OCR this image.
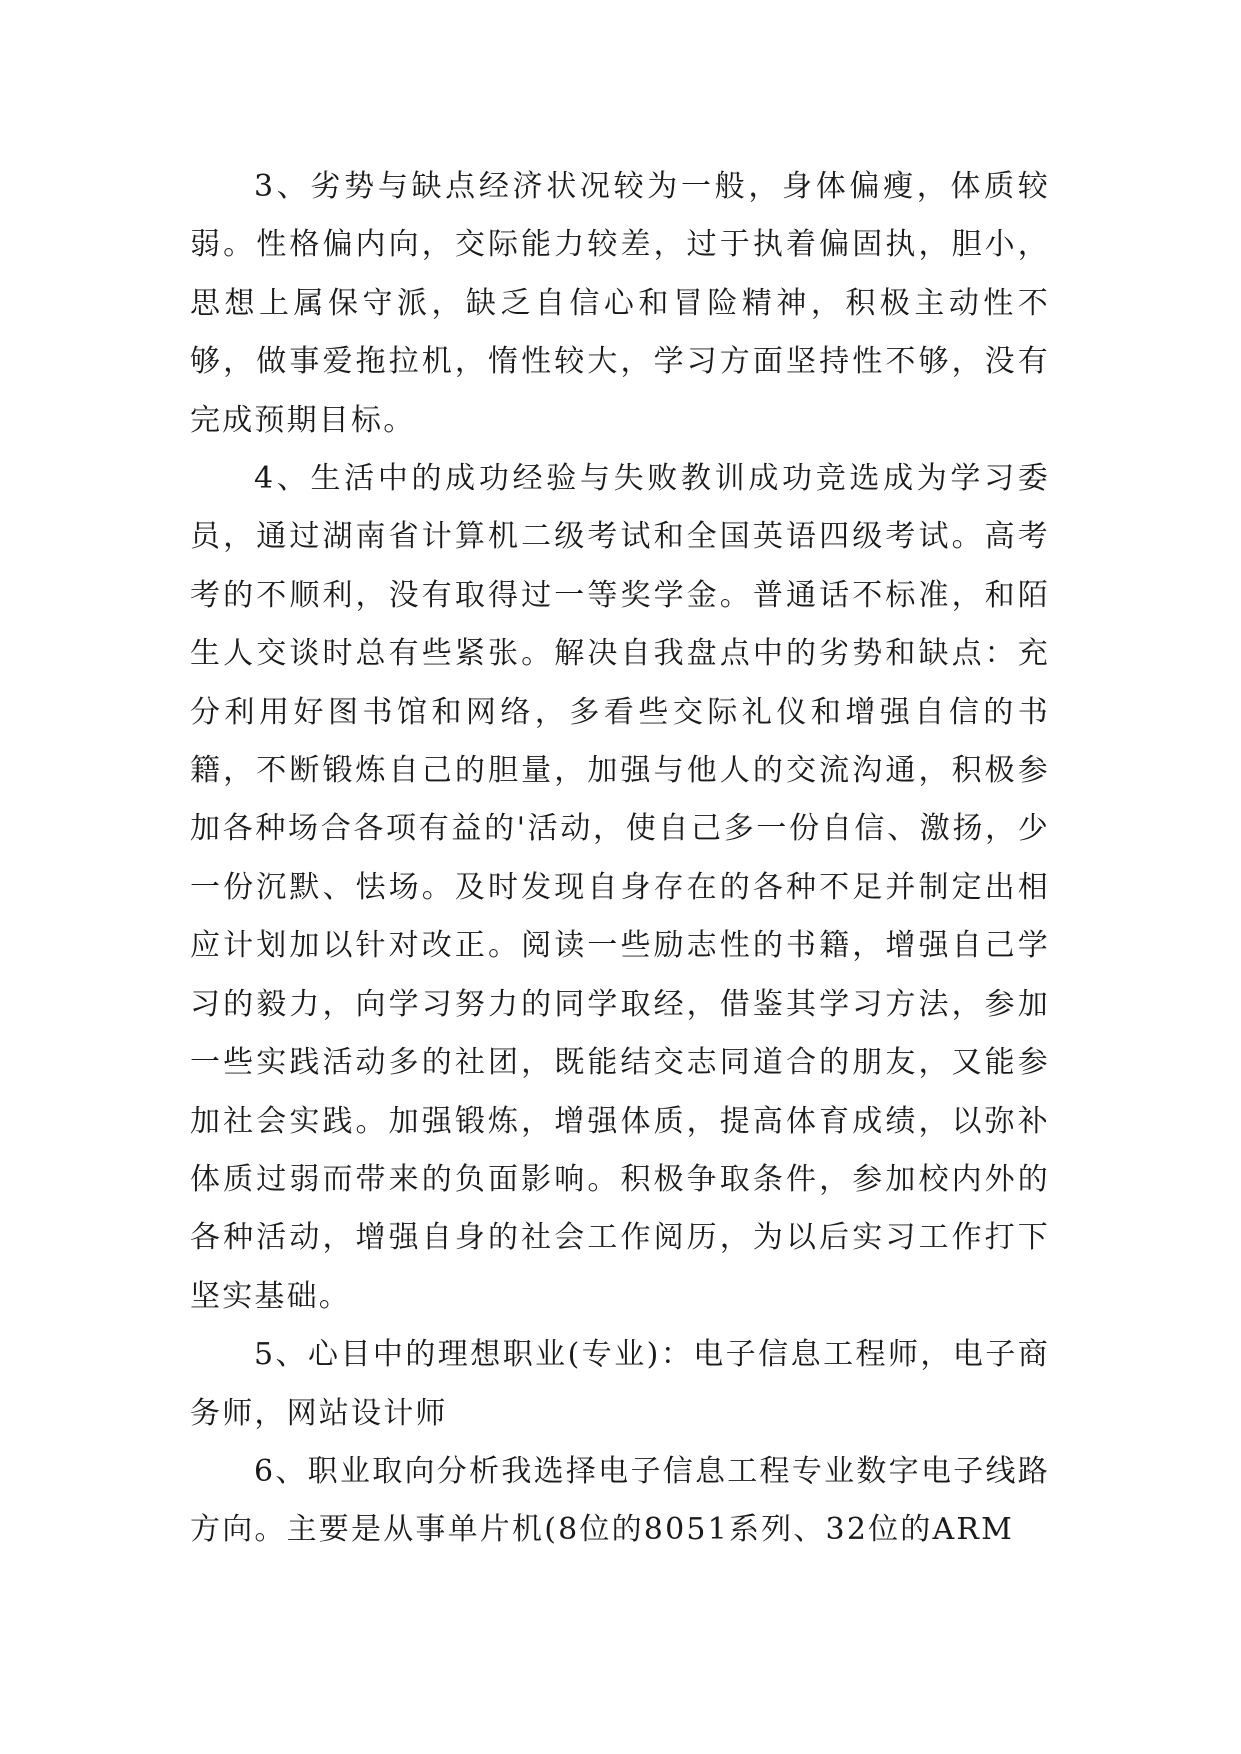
3、劣势与缺点经济状况较为一般，身体偏瘦，体质较弱。性格偏内向，交际能力较差，过于执着偏固执，胆小，思想上属保守派，缺乏自信心和冒险精神，积极主动性不够，做事爱拖拉机，惰性较大，学习方面坚持性不够，没有完成预期目标。

4、生活中的成功经验与失败教训成功竞选成为学习委员，通过湖南省计算机二级考试和全国英语四级考试。高考考的不顺利，没有取得过一等奖学金。普通话不标准，和陌生人交谈时总有些紧张。解决自我盘点中的劣势和缺点：充分利用好图书馆和网络，多看些交际礼仪和增强自信的书籍，不断锻炼自己的胆量，加强与他人的交流沟通，积极参加各种场合各项有益的'活动，使自己多一份自信、激扬，少一份沉默、怯场。及时发现自身存在的各种不足并制定出相应计划加以针对改正。阅读一些励志性的书籍，增强自己学习的毅力，向学习努力的同学取经，借鉴其学习方法，参加一些实践活动多的社团，既能结交志同道合的朋友，又能参加社会实践。加强锻炼，增强体质，提高体育成绩，以弥补体质过弱而带来的负面影响。积极争取条件，参加校内外的各种活动，增强自身的社会工作阅历，为以后实习工作打下坚实基础。

5、心目中的理想职业(专业)：电子信息工程师，电子商务师，网站设计师

6、职业取向分析我选择电子信息工程专业数字电子线路方向。主要是从事单片机(8位的8051系列、32位的ARM
